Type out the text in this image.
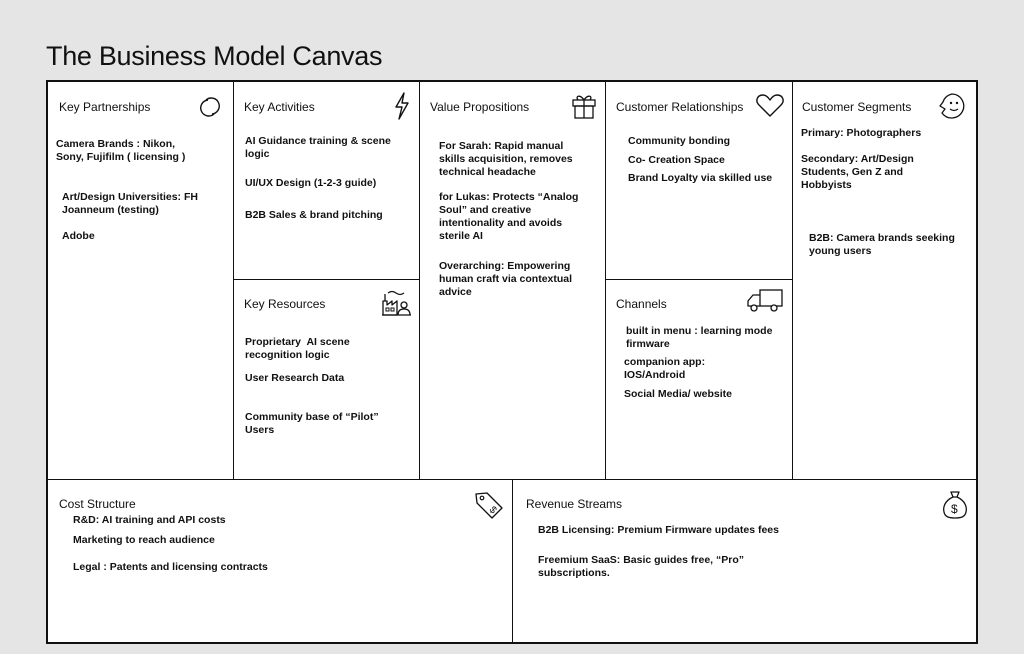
The Business Model Canvas
Key Partnerships

Camera Brands : Nikon,
Sony, Fujifilm ( licensing )

Art/Design Universities: FH
Joanneum (testing)

Adobe

Key Activities

AI Guidance training & scene
logic

UI/UX Design (1-2-3 guide)

B2B Sales & brand pitching

Key Resources

Proprietary  AI scene
recognition logic

User Research Data

Community base of “Pilot”
Users

Value Propositions

For Sarah: Rapid manual
skills acquisition, removes
technical headache

for Lukas: Protects “Analog
Soul” and creative
intentionality and avoids
sterile AI

Overarching: Empowering
human craft via contextual
advice

Customer Relationships

Community bonding

Co- Creation Space

Brand Loyalty via skilled use

Channels

built in menu : learning mode
firmware

companion app:
IOS/Android

Social Media/ website

Customer Segments

Primary: Photographers

Secondary: Art/Design
Students, Gen Z and
Hobbyists

B2B: Camera brands seeking
young users

Cost Structure	$

R&D: AI training and API costs

Marketing to reach audience

Legal : Patents and licensing contracts

Revenue Streams	$

B2B Licensing: Premium Firmware updates fees

Freemium SaaS: Basic guides free, “Pro”
subscriptions.
